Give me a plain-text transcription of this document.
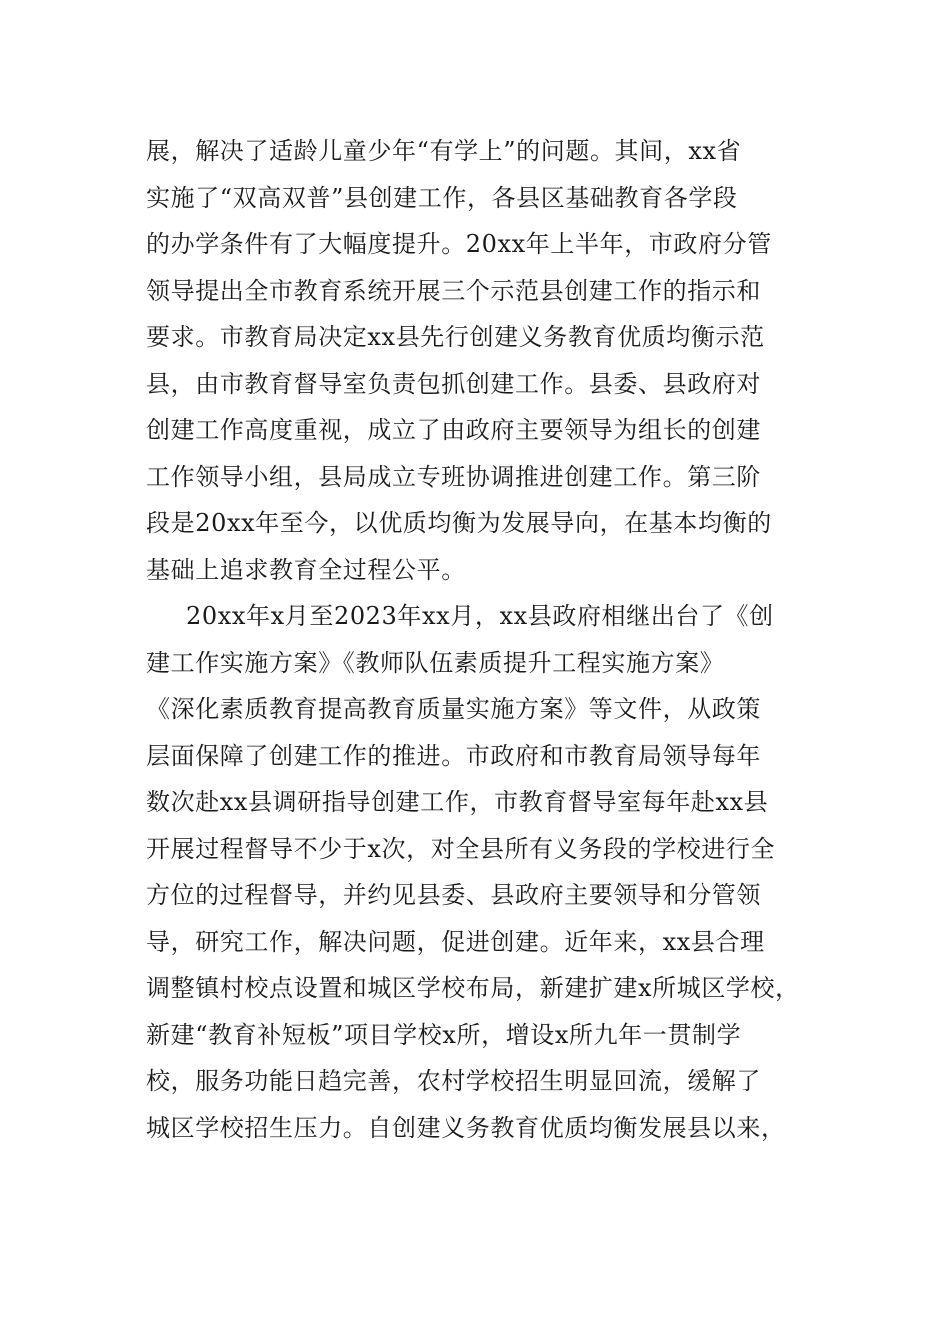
展，解决了适龄儿童少年“有学上”的问题。其间，xx省
实施了“双高双普”县创建工作，各县区基础教育各学段
的办学条件有了大幅度提升。20xx年上半年，市政府分管
领导提出全市教育系统开展三个示范县创建工作的指示和
要求。市教育局决定xx县先行创建义务教育优质均衡示范
县，由市教育督导室负责包抓创建工作。县委、县政府对
创建工作高度重视，成立了由政府主要领导为组长的创建
工作领导小组，县局成立专班协调推进创建工作。第三阶
段是20xx年至今，以优质均衡为发展导向，在基本均衡的
基础上追求教育全过程公平。
20xx年x月至2023年xx月，xx县政府相继出台了《创
建工作实施方案》《教师队伍素质提升工程实施方案》
《深化素质教育提高教育质量实施方案》等文件，从政策
层面保障了创建工作的推进。市政府和市教育局领导每年
数次赴xx县调研指导创建工作，市教育督导室每年赴xx县
开展过程督导不少于x次，对全县所有义务段的学校进行全
方位的过程督导，并约见县委、县政府主要领导和分管领
导，研究工作，解决问题，促进创建。近年来，xx县合理
调整镇村校点设置和城区学校布局，新建扩建x所城区学校，
新建“教育补短板”项目学校x所，增设x所九年一贯制学
校，服务功能日趋完善，农村学校招生明显回流，缓解了
城区学校招生压力。自创建义务教育优质均衡发展县以来，
